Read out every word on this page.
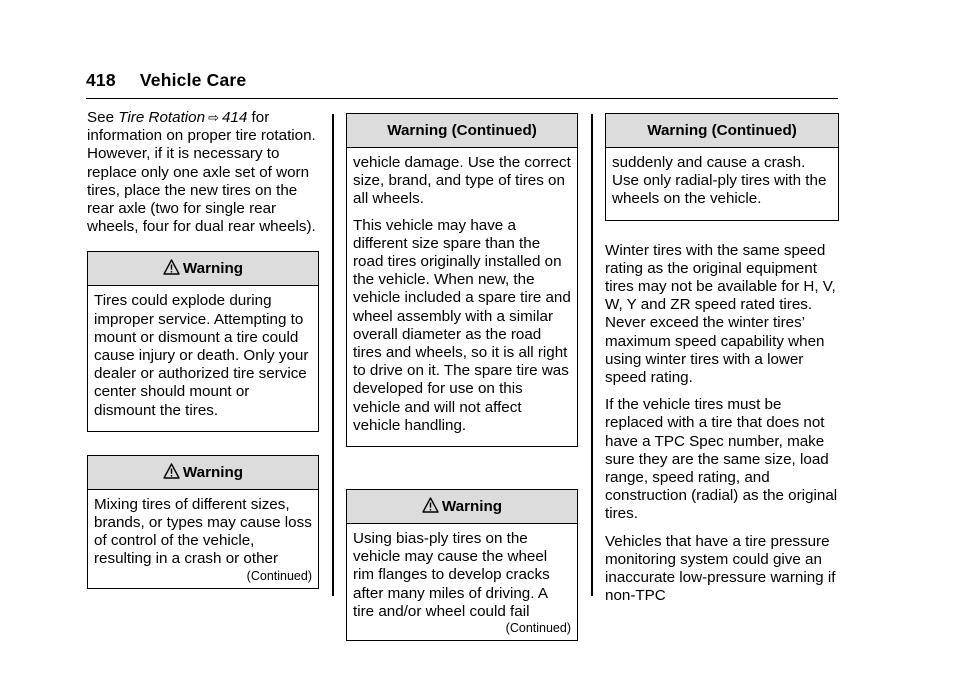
418 Vehicle Care

See Tire Rotation ⇨ 414 for information on proper tire rotation. However, if it is necessary to replace only one axle set of worn tires, place the new tires on the rear axle (two for single rear wheels, four for dual rear wheels).

Warning

Tires could explode during improper service. Attempting to mount or dismount a tire could cause injury or death. Only your dealer or authorized tire service center should mount or dismount the tires.

Warning

Mixing tires of different sizes, brands, or types may cause loss of control of the vehicle, resulting in a crash or other

(Continued)
Warning (Continued)

vehicle damage. Use the correct size, brand, and type of tires on all wheels.

This vehicle may have a different size spare than the road tires originally installed on the vehicle. When new, the vehicle included a spare tire and wheel assembly with a similar overall diameter as the road tires and wheels, so it is all right to drive on it. The spare tire was developed for use on this vehicle and will not affect vehicle handling.

Warning

Using bias-ply tires on the vehicle may cause the wheel rim flanges to develop cracks after many miles of driving. A tire and/or wheel could fail

(Continued)
Warning (Continued)

suddenly and cause a crash. Use only radial-ply tires with the wheels on the vehicle.

Winter tires with the same speed rating as the original equipment tires may not be available for H, V, W, Y and ZR speed rated tires. Never exceed the winter tires’ maximum speed capability when using winter tires with a lower speed rating.

If the vehicle tires must be replaced with a tire that does not have a TPC Spec number, make sure they are the same size, load range, speed rating, and construction (radial) as the original tires.

Vehicles that have a tire pressure monitoring system could give an inaccurate low-pressure warning if non-TPC
